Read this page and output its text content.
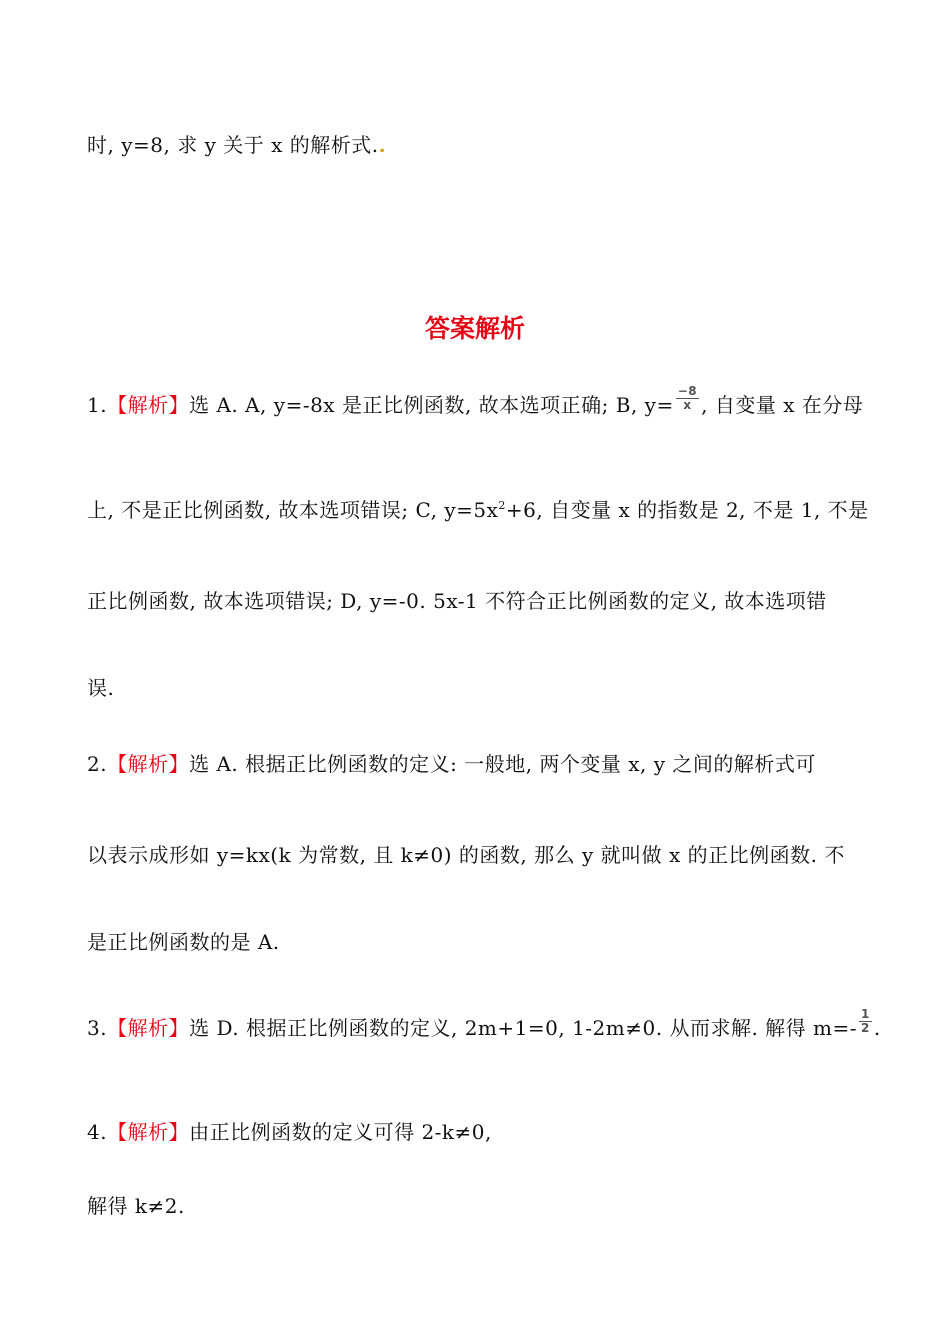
时, y=8, 求 y 关于 x 的解析式..
答案解析
1.【解析】选 A. A, y=-8x 是正比例函数, 故本选项正确; B, $y= \frac{-8}{x}$ , 自变量 x 在分母
上, 不是正比例函数, 故本选项错误; C, $y=5x^2+6$, 自变量 x 的指数是 2, 不是 1, 不是
正比例函数, 故本选项错误; D, y=-0. 5x-1 不符合正比例函数的定义, 故本选项错
误.
2.【解析】选 A. 根据正比例函数的定义: 一般地, 两个变量 x, y 之间的解析式可
以表示成形如 y=kx(k 为常数, 且 k≠0) 的函数, 那么 y 就叫做 x 的正比例函数. 不
是正比例函数的是 A.
3.【解析】选 D. 根据正比例函数的定义, 2m+1=0, 1-2m≠0. 从而求解. 解得 $m=- \frac{1}{2}$ .
4.【解析】由正比例函数的定义可得 2-k≠0,
解得 k≠2.
